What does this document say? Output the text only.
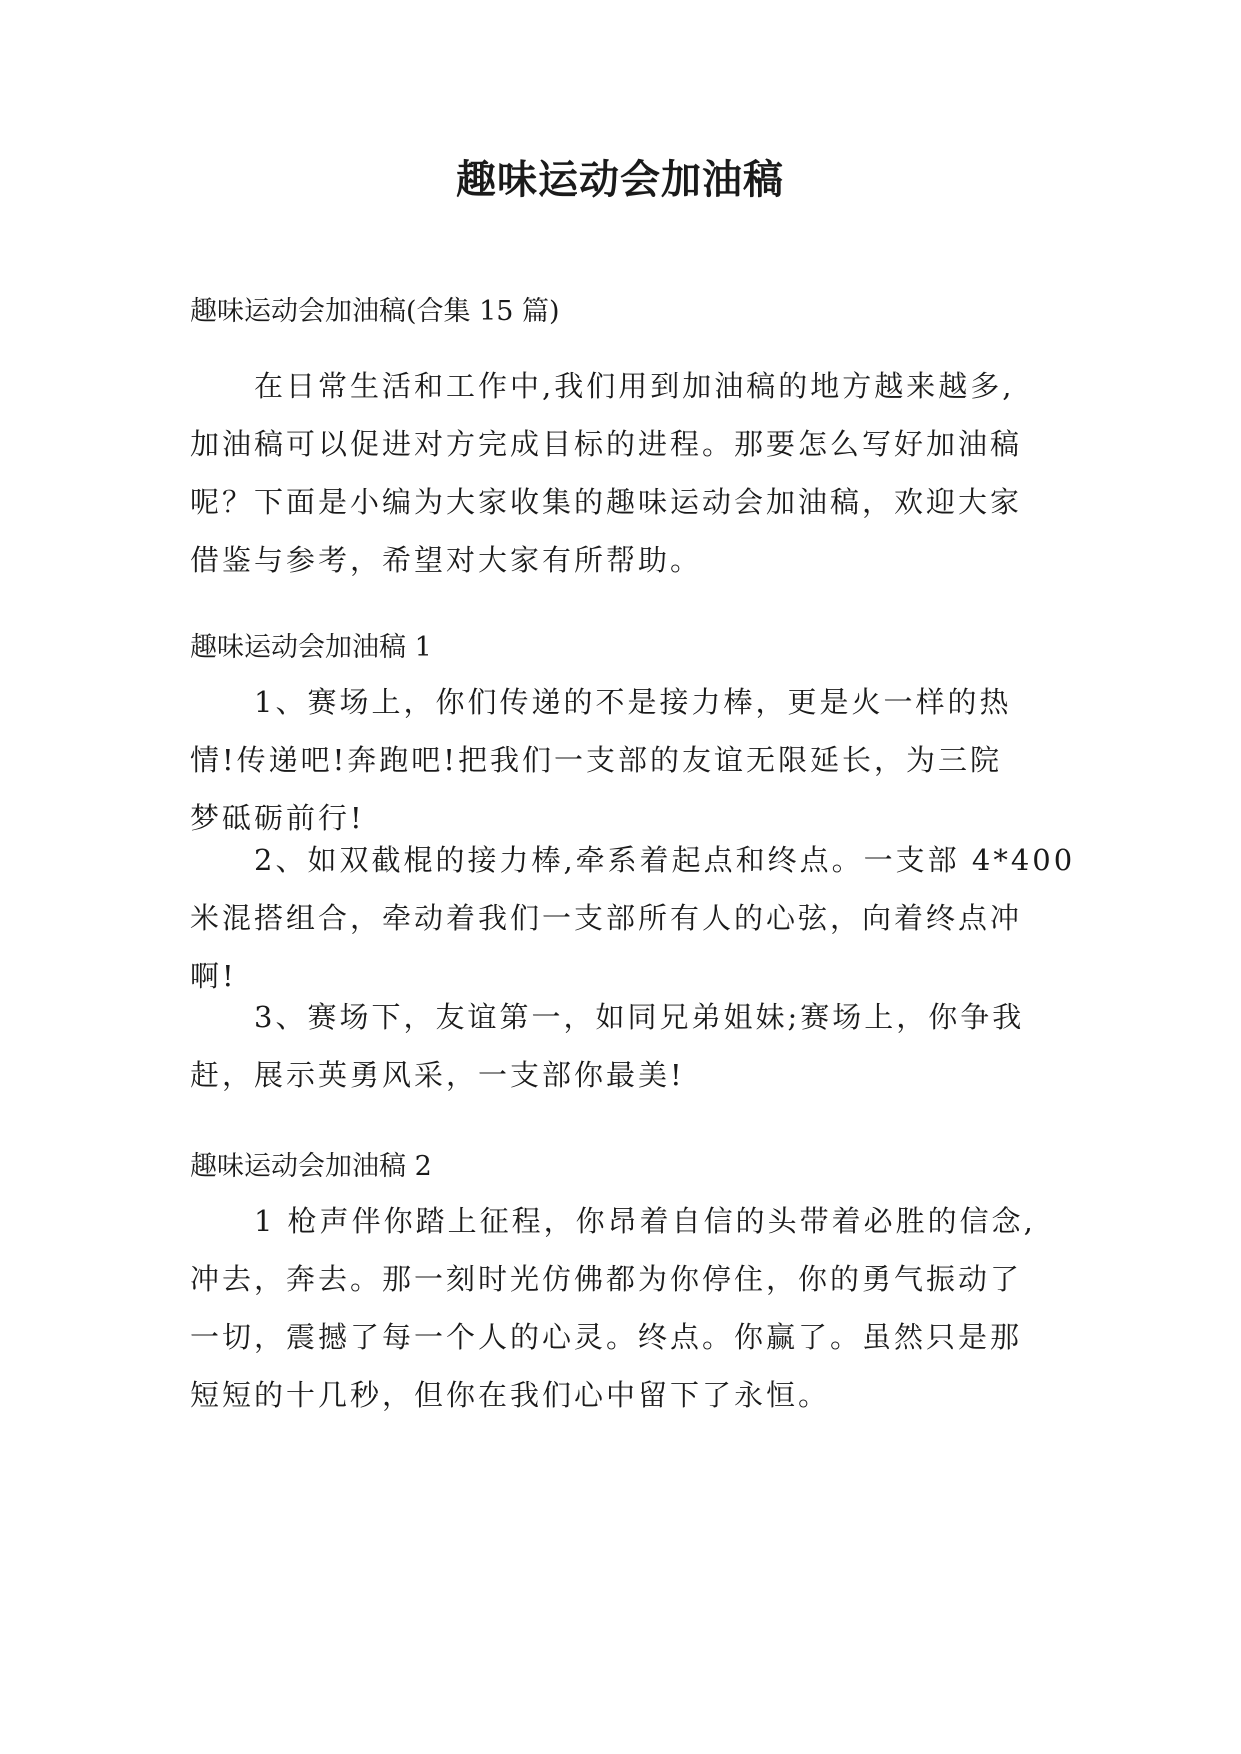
趣味运动会加油稿
趣味运动会加油稿(合集 15 篇)
在日常生活和工作中,我们用到加油稿的地方越来越多,
加油稿可以促进对方完成目标的进程。那要怎么写好加油稿
呢？下面是小编为大家收集的趣味运动会加油稿，欢迎大家
借鉴与参考，希望对大家有所帮助。
趣味运动会加油稿 1
1、赛场上，你们传递的不是接力棒，更是火一样的热
情!传递吧!奔跑吧!把我们一支部的友谊无限延长，为三院
梦砥砺前行!
2、如双截棍的接力棒,牵系着起点和终点。一支部 4*400
米混搭组合，牵动着我们一支部所有人的心弦，向着终点冲
啊!
3、赛场下，友谊第一，如同兄弟姐妹;赛场上，你争我
赶，展示英勇风采，一支部你最美!
趣味运动会加油稿 2
1 枪声伴你踏上征程，你昂着自信的头带着必胜的信念,
冲去，奔去。那一刻时光仿佛都为你停住，你的勇气振动了
一切，震撼了每一个人的心灵。终点。你赢了。虽然只是那
短短的十几秒，但你在我们心中留下了永恒。
